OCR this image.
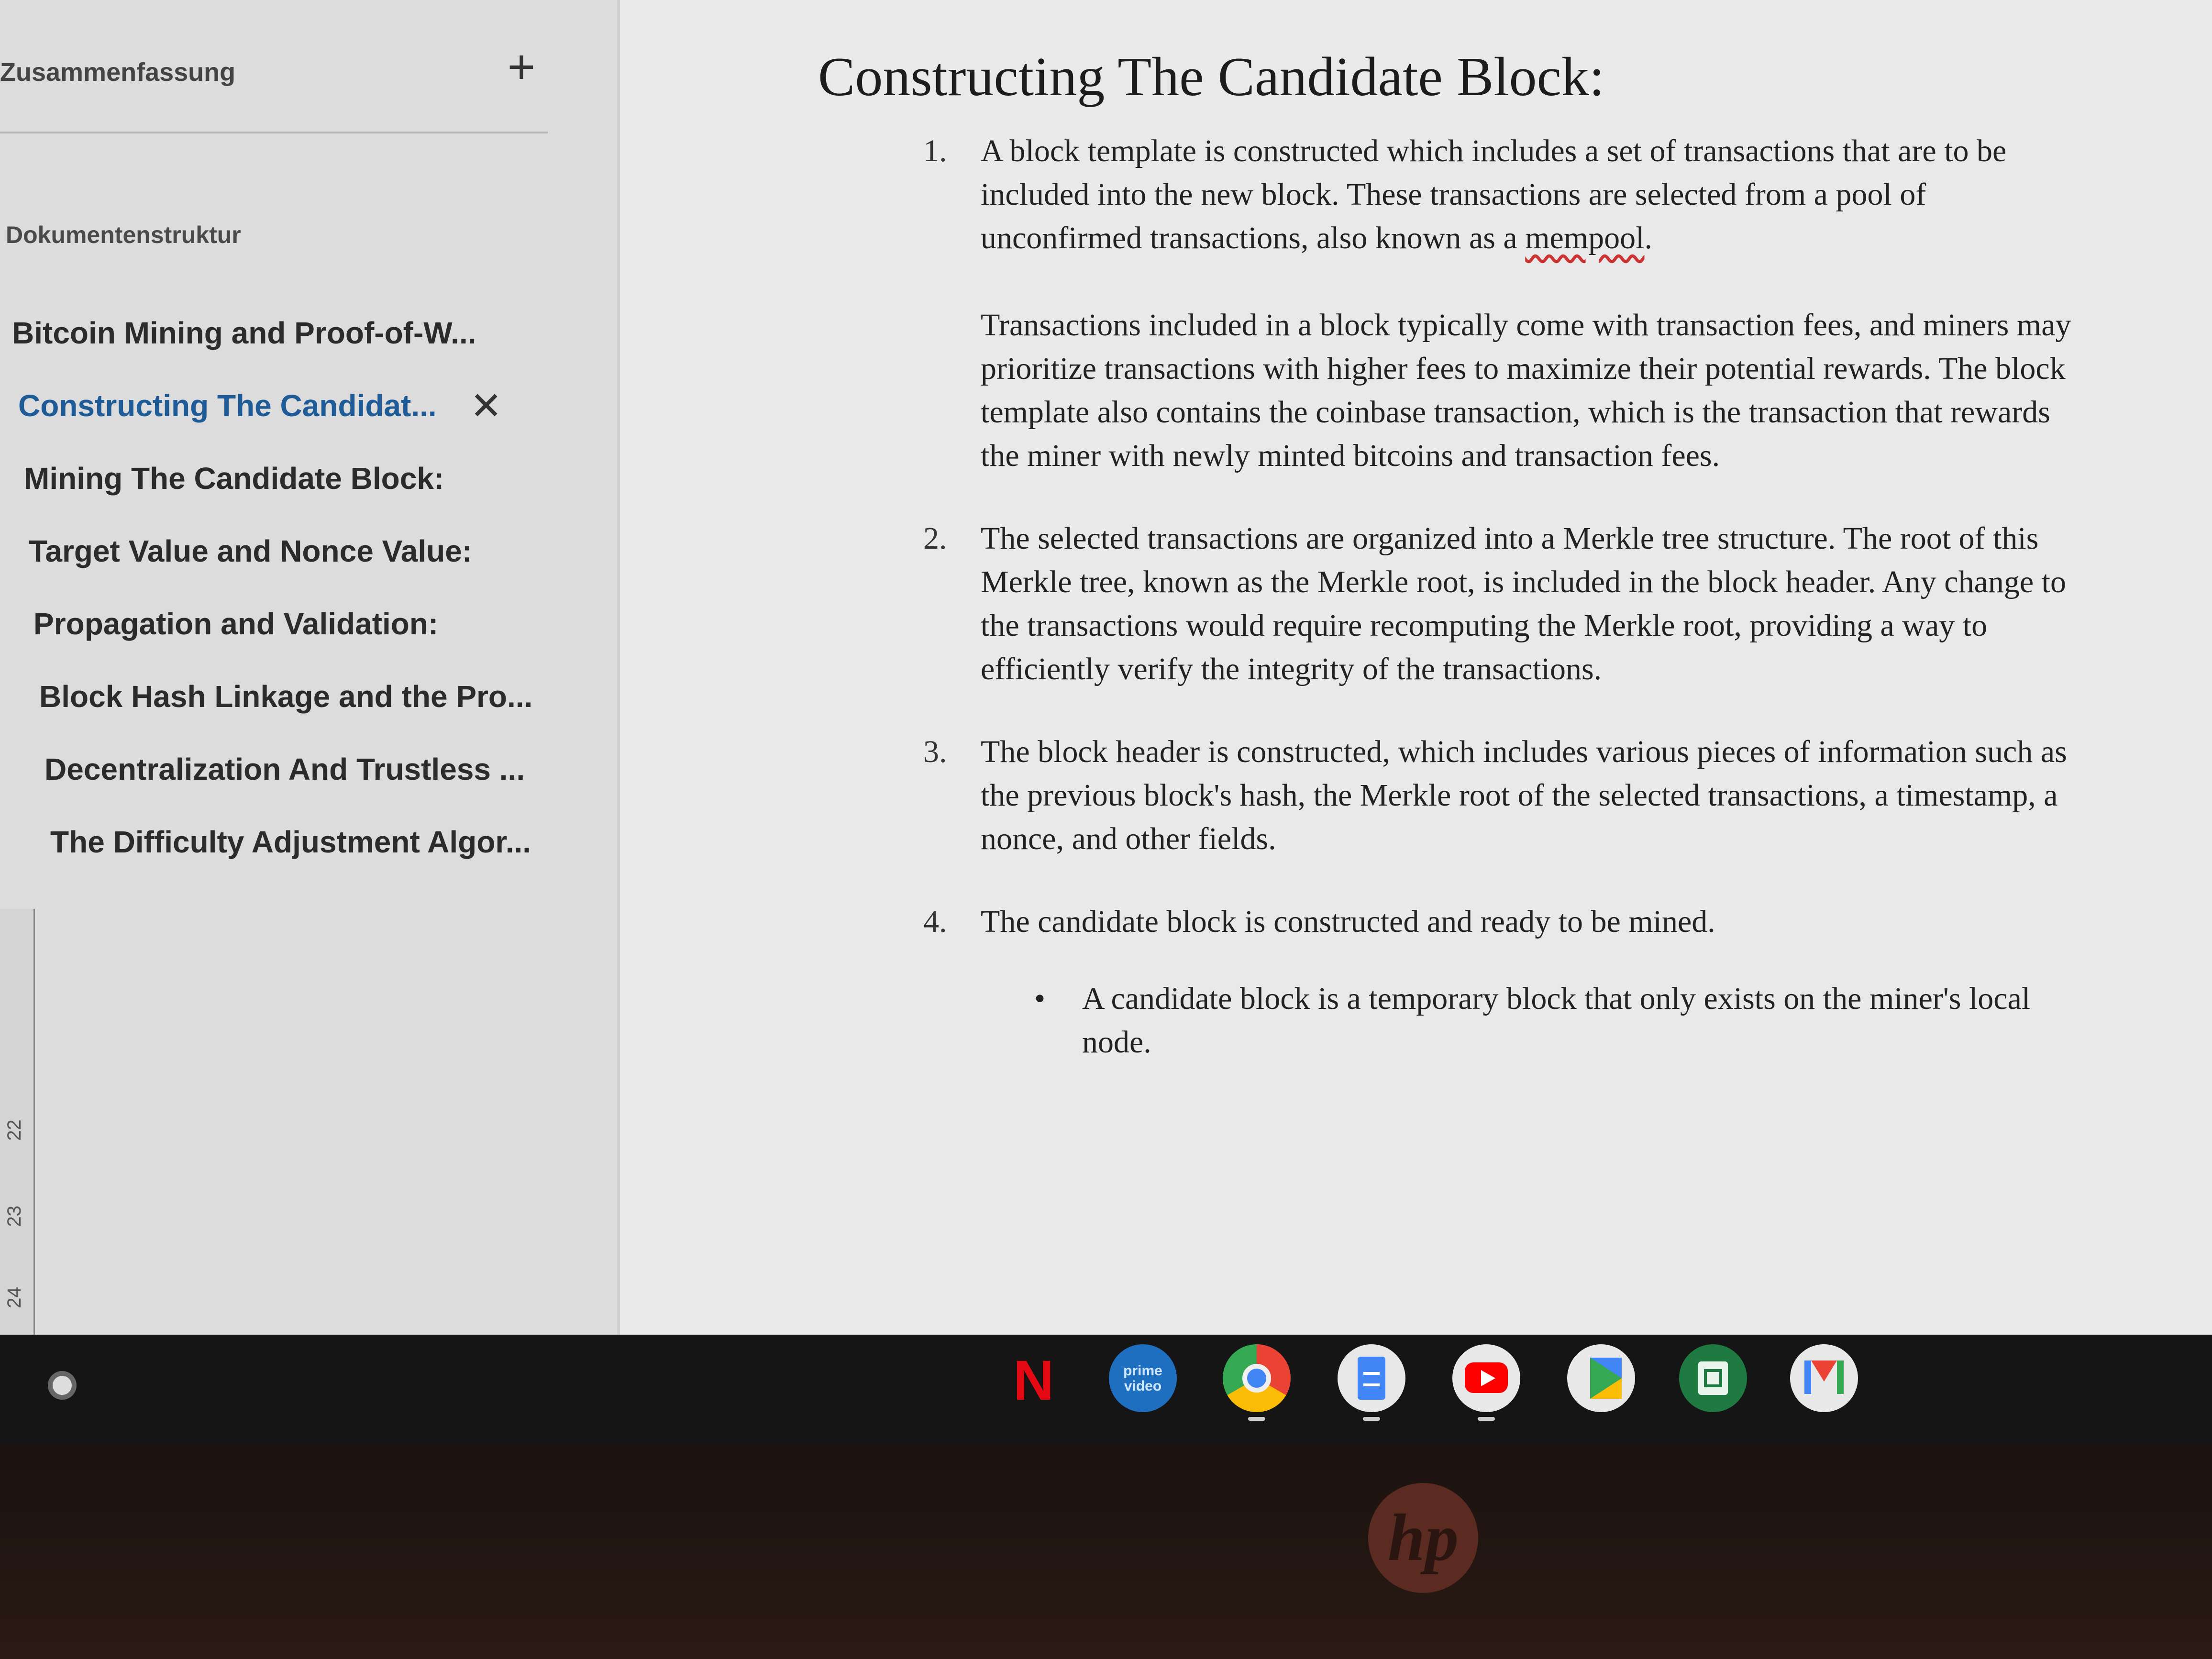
Zusammenfassung	+
Dokumentenstruktur
Bitcoin Mining and Proof-of-W...
Constructing The Candidat... ✕
Mining The Candidate Block:
Target Value and Nonce Value:
Propagation and Validation:
Block Hash Linkage and the Pro...
Decentralization And Trustless ...
The Difficulty Adjustment Algor...
22
23
24
Constructing The Candidate Block:
1. A block template is constructed which includes a set of transactions that are to be included into the new block. These transactions are selected from a pool of unconfirmed transactions, also known as a mempool.

Transactions included in a block typically come with transaction fees, and miners may prioritize transactions with higher fees to maximize their potential rewards. The block template also contains the coinbase transaction, which is the transaction that rewards the miner with newly minted bitcoins and transaction fees.

2. The selected transactions are organized into a Merkle tree structure. The root of this Merkle tree, known as the Merkle root, is included in the block header. Any change to the transactions would require recomputing the Merkle root, providing a way to efficiently verify the integrity of the transactions.

3. The block header is constructed, which includes various pieces of information such as the previous block's hash, the Merkle root of the selected transactions, a timestamp, a nonce, and other fields.

4. The candidate block is constructed and ready to be mined.

• A candidate block is a temporary block that only exists on the miner's local node.
N	prime video
hp
